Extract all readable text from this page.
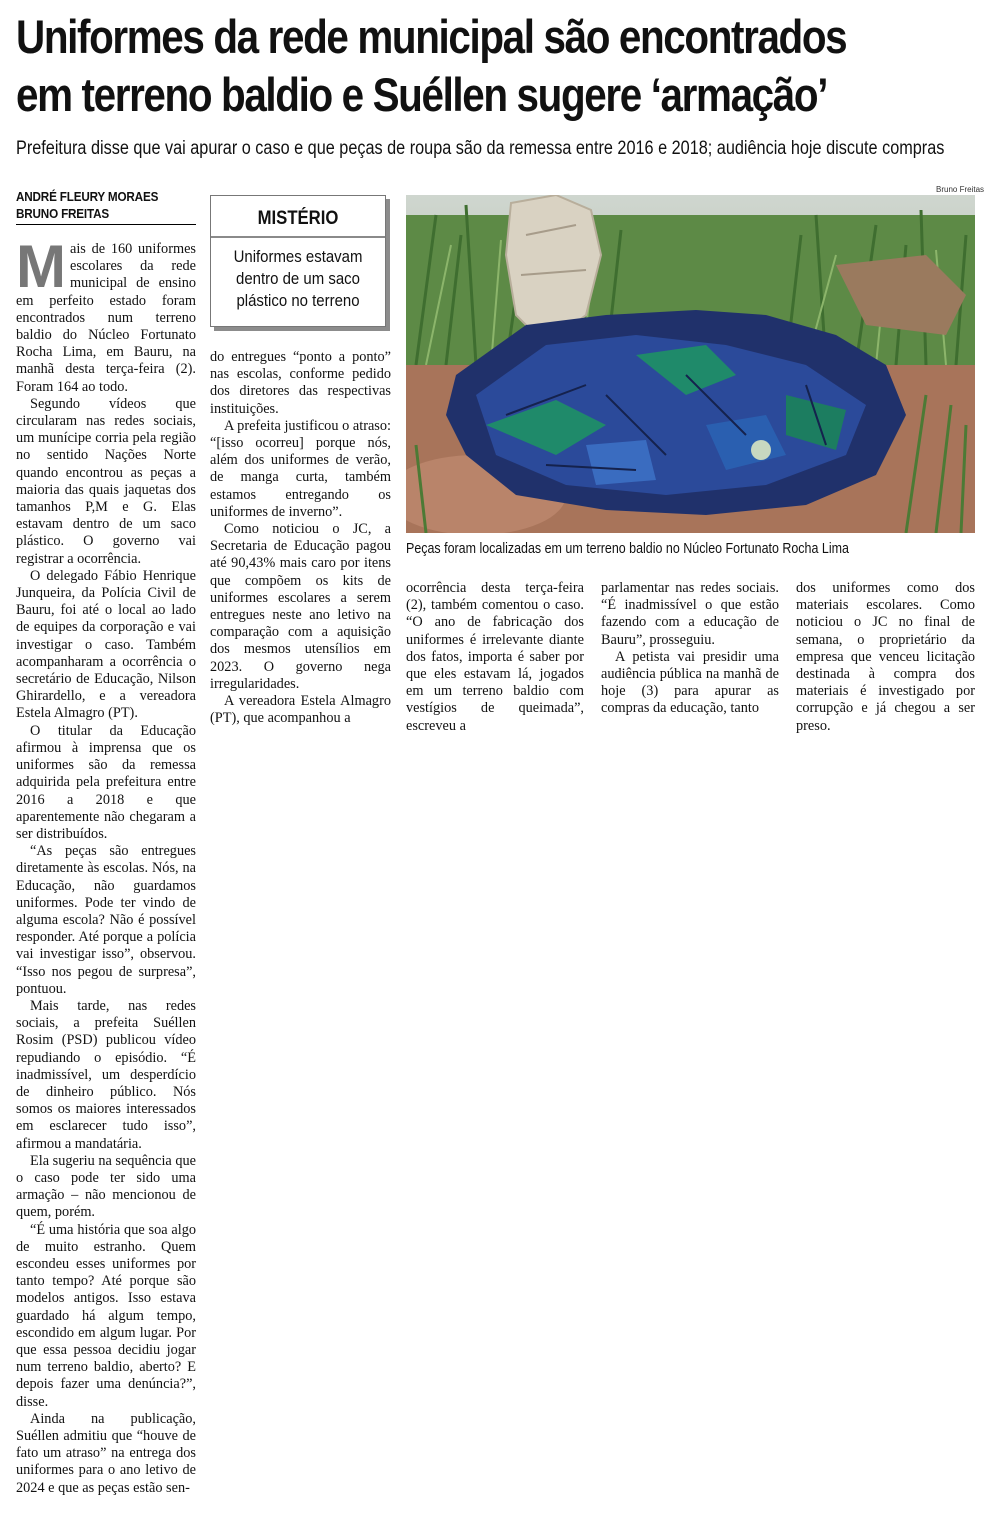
Uniformes da rede municipal são encontrados
em terreno baldio e Suéllen sugere ‘armação’

Prefeitura disse que vai apurar o caso e que peças de roupa são da remessa entre 2016 e 2018; audiência hoje discute compras

ANDRÉ FLEURY MORAES
BRUNO FREITAS	MISTÉRIO
Uniformes estavam dentro de um saco plástico no terreno
Bruno Freitas
Peças foram localizadas em um terreno baldio no Núcleo Fortunato Rocha Lima
M ais de 160 uniformes escolares da rede municipal de ensino em perfeito estado foram encontrados num terreno baldio do Núcleo Fortunato Rocha Lima, em Bauru, na manhã desta terça-feira (2). Foram 164 ao todo.

Segundo vídeos que circularam nas redes sociais, um munícipe corria pela região no sentido Nações Norte quando encontrou as peças a maioria das quais jaquetas dos tamanhos P,M e G. Elas estavam dentro de um saco plástico. O governo vai registrar a ocorrência.

O delegado Fábio Henrique Junqueira, da Polícia Civil de Bauru, foi até o local ao lado de equipes da corporação e vai investigar o caso. Também acompanharam a ocorrência o secretário de Educação, Nilson Ghirardello, e a vereadora Estela Almagro (PT).

O titular da Educação afirmou à imprensa que os uniformes são da remessa adquirida pela prefeitura entre 2016 a 2018 e que aparentemente não chegaram a ser distribuídos.

“As peças são entregues diretamente às escolas. Nós, na Educação, não guardamos uniformes. Pode ter vindo de alguma escola? Não é possível responder. Até porque a polícia vai investigar isso”, observou. “Isso nos pegou de surpresa”, pontuou.

Mais tarde, nas redes sociais, a prefeita Suéllen Rosim (PSD) publicou vídeo repudiando o episódio. “É inadmissível, um desperdício de dinheiro público. Nós somos os maiores interessados em esclarecer tudo isso”, afirmou a mandatária.

Ela sugeriu na sequência que o caso pode ter sido uma armação – não mencionou de quem, porém.

“É uma história que soa algo de muito estranho. Quem escondeu esses uniformes por tanto tempo? Até porque são modelos antigos. Isso estava guardado há algum tempo, escondido em algum lugar. Por que essa pessoa decidiu jogar num terreno baldio, aberto? E depois fazer uma denúncia?”, disse.

Ainda na publicação, Suéllen admitiu que “houve de fato um atraso” na entrega dos uniformes para o ano letivo de 2024 e que as peças estão sen-

do entregues “ponto a ponto” nas escolas, conforme pedido dos diretores das respectivas instituições.

A prefeita justificou o atraso: “[isso ocorreu] porque nós, além dos uniformes de verão, de manga curta, também estamos entregando os uniformes de inverno”.

Como noticiou o JC, a Secretaria de Educação pagou até 90,43% mais caro por itens que compõem os kits de uniformes escolares a serem entregues neste ano letivo na comparação com a aquisição dos mesmos utensílios em 2023. O governo nega irregularidades.

A vereadora Estela Almagro (PT), que acompanhou a

ocorrência desta terça-feira (2), também comentou o caso. “O ano de fabricação dos uniformes é irrelevante diante dos fatos, importa é saber por que eles estavam lá, jogados em um terreno baldio com vestígios de queimada”, escreveu a

parlamentar nas redes sociais. “É inadmissível o que estão fazendo com a educação de Bauru”, prosseguiu.

A petista vai presidir uma audiência pública na manhã de hoje (3) para apurar as compras da educação, tanto

dos uniformes como dos materiais escolares. Como noticiou o JC no final de semana, o proprietário da empresa que venceu licitação destinada à compra dos materiais é investigado por corrupção e já chegou a ser preso.
